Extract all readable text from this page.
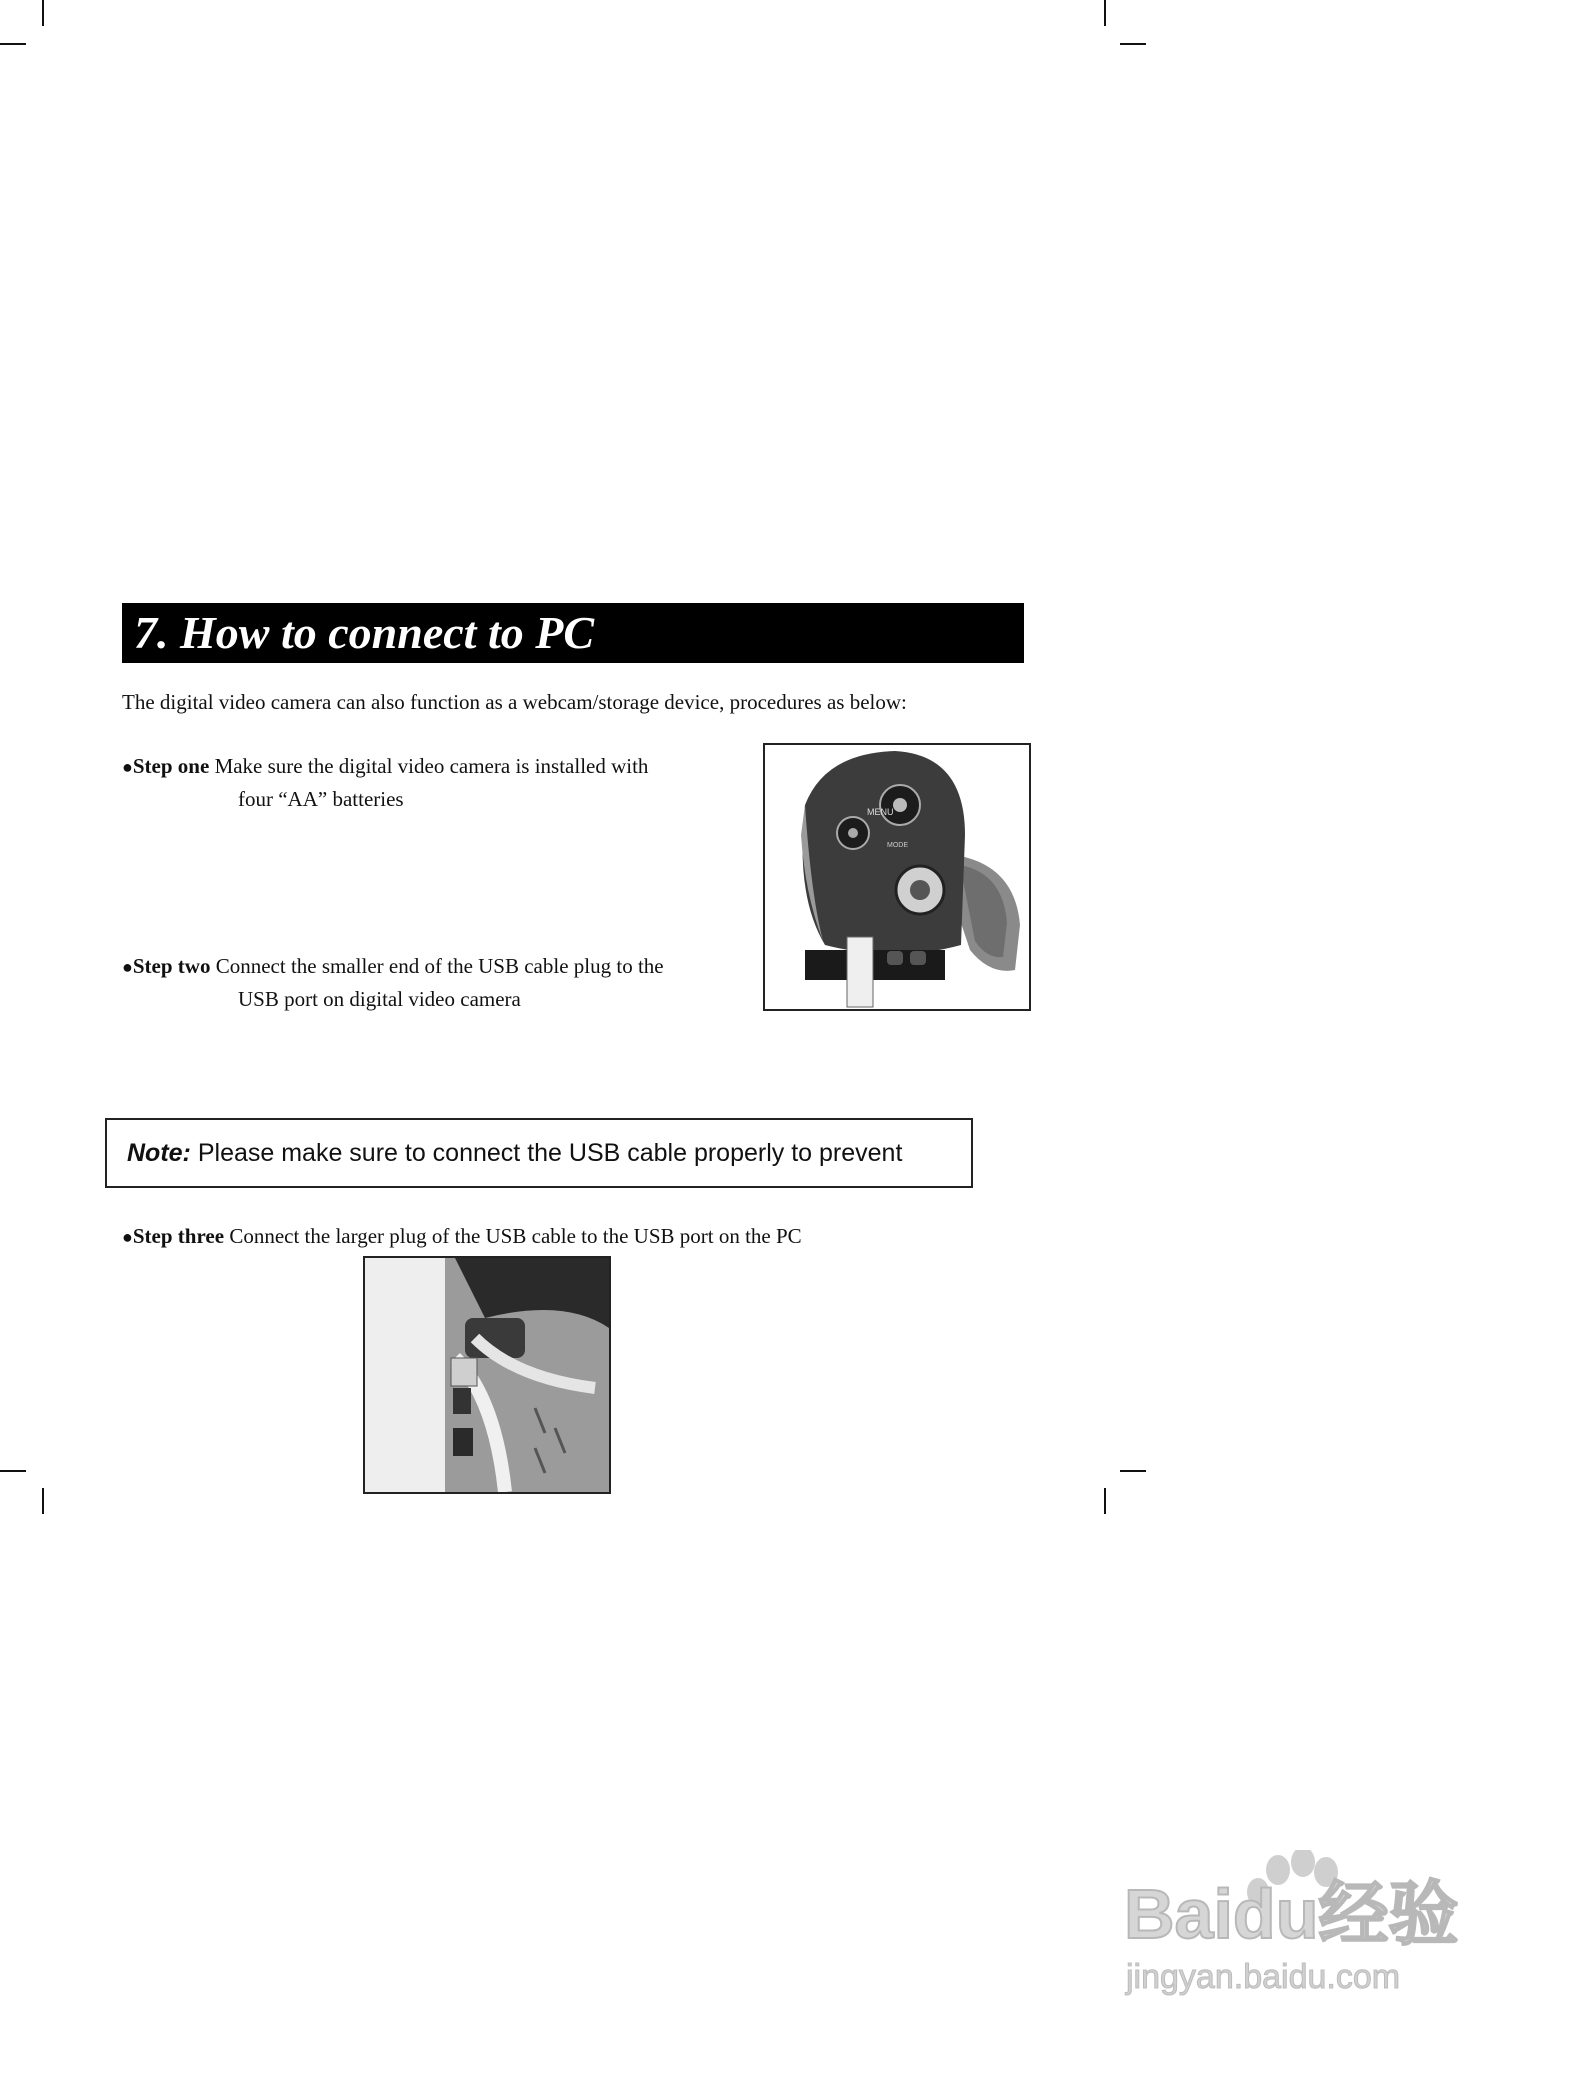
7. How to connect to PC
The digital video camera can also function as a webcam/storage device, procedures as below:
●Step one Make sure the digital video camera is installed with
four “AA” batteries
●Step two Connect the smaller end of the USB cable plug to the
USB port on digital video camera
MENU
MODE
Note: Please make sure to connect the USB cable properly to prevent
●Step three Connect the larger plug of the USB cable to the USB port on the PC
Baidu经验
jingyan.baidu.com
